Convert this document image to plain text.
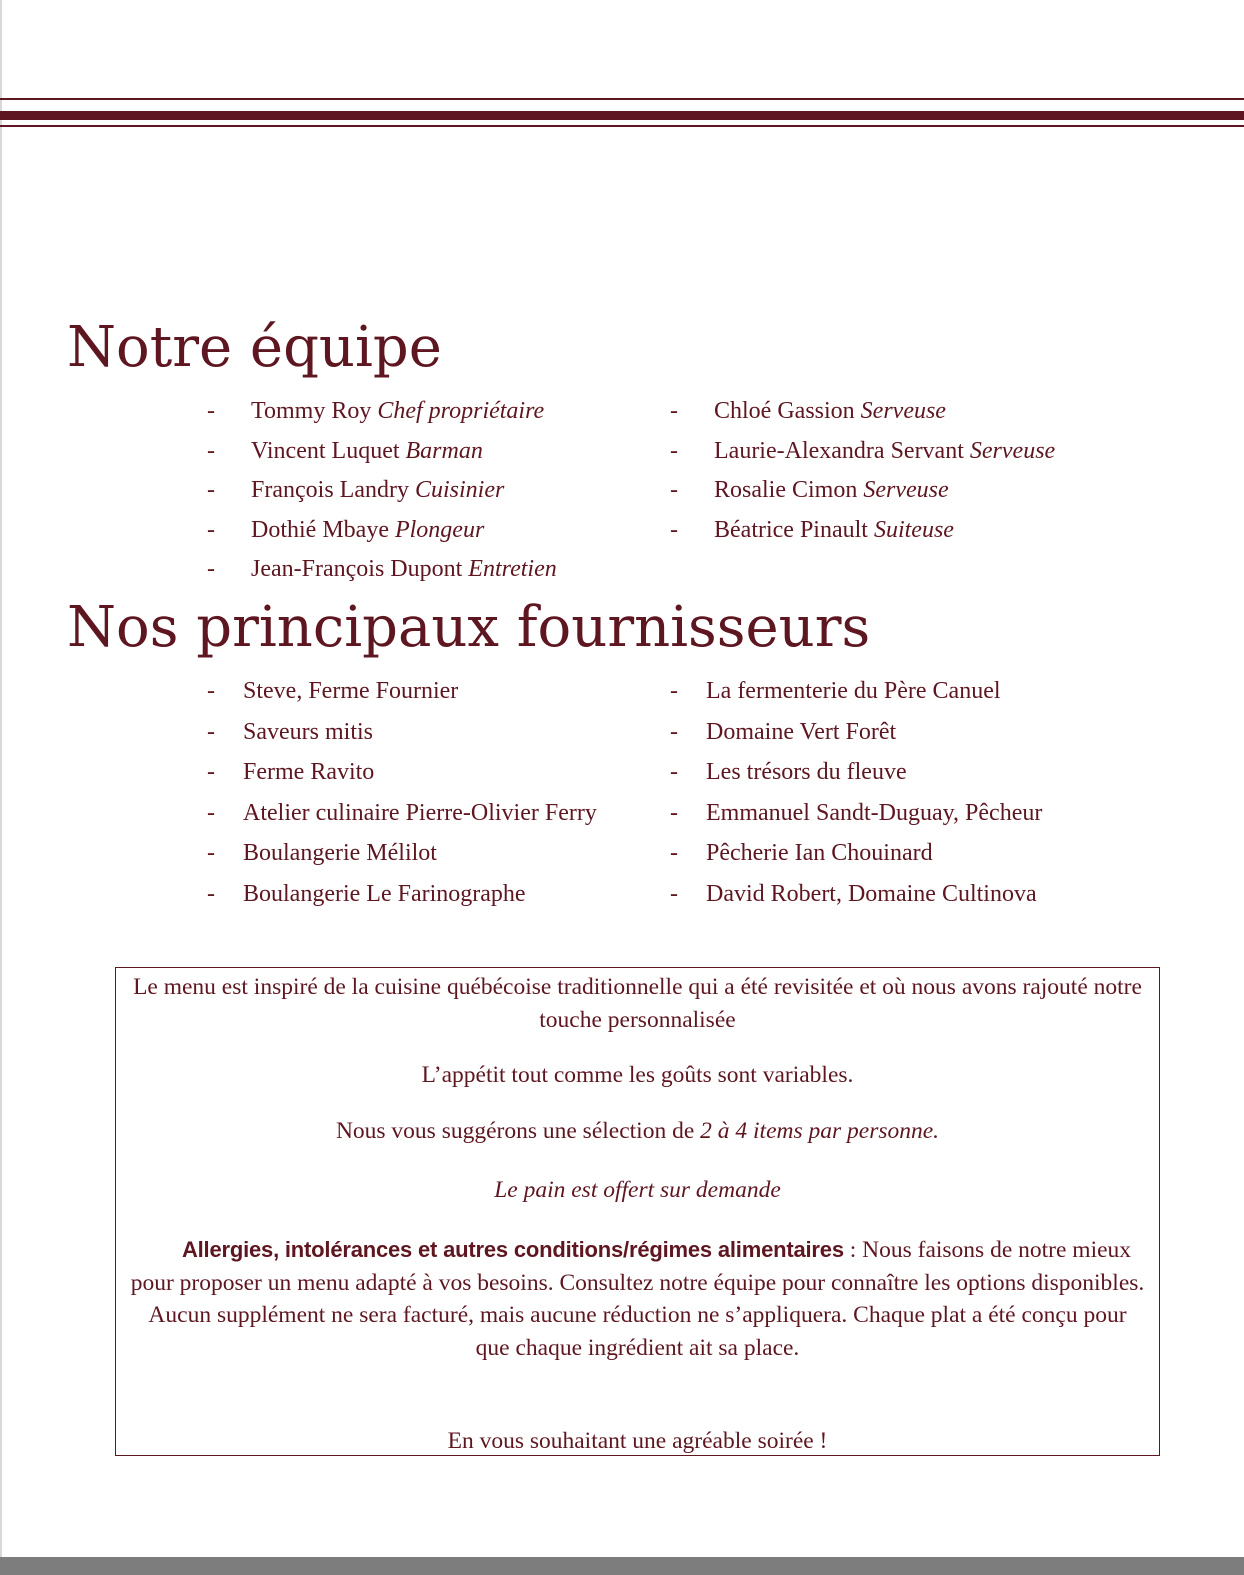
Notre équipe
- Tommy Roy Chef propriétaire
- Vincent Luquet Barman
- François Landry Cuisinier
- Dothié Mbaye Plongeur
- Jean-François Dupont Entretien
- Chloé Gassion Serveuse
- Laurie-Alexandra Servant Serveuse
- Rosalie Cimon Serveuse
- Béatrice Pinault Suiteuse
Nos principaux fournisseurs
- Steve, Ferme Fournier
- Saveurs mitis
- Ferme Ravito
- Atelier culinaire Pierre-Olivier Ferry
- Boulangerie Mélilot
- Boulangerie Le Farinographe
- La fermenterie du Père Canuel
- Domaine Vert Forêt
- Les trésors du fleuve
- Emmanuel Sandt-Duguay, Pêcheur
- Pêcherie Ian Chouinard
- David Robert, Domaine Cultinova

Le menu est inspiré de la cuisine québécoise traditionnelle qui a été revisitée et où nous avons rajouté notre touche personnalisée

L’appétit tout comme les goûts sont variables.

Nous vous suggérons une sélection de 2 à 4 items par personne.

Le pain est offert sur demande

Allergies, intolérances et autres conditions/régimes alimentaires : Nous faisons de notre mieux pour proposer un menu adapté à vos besoins. Consultez notre équipe pour connaître les options disponibles. Aucun supplément ne sera facturé, mais aucune réduction ne s’appliquera. Chaque plat a été conçu pour que chaque ingrédient ait sa place.

En vous souhaitant une agréable soirée !
